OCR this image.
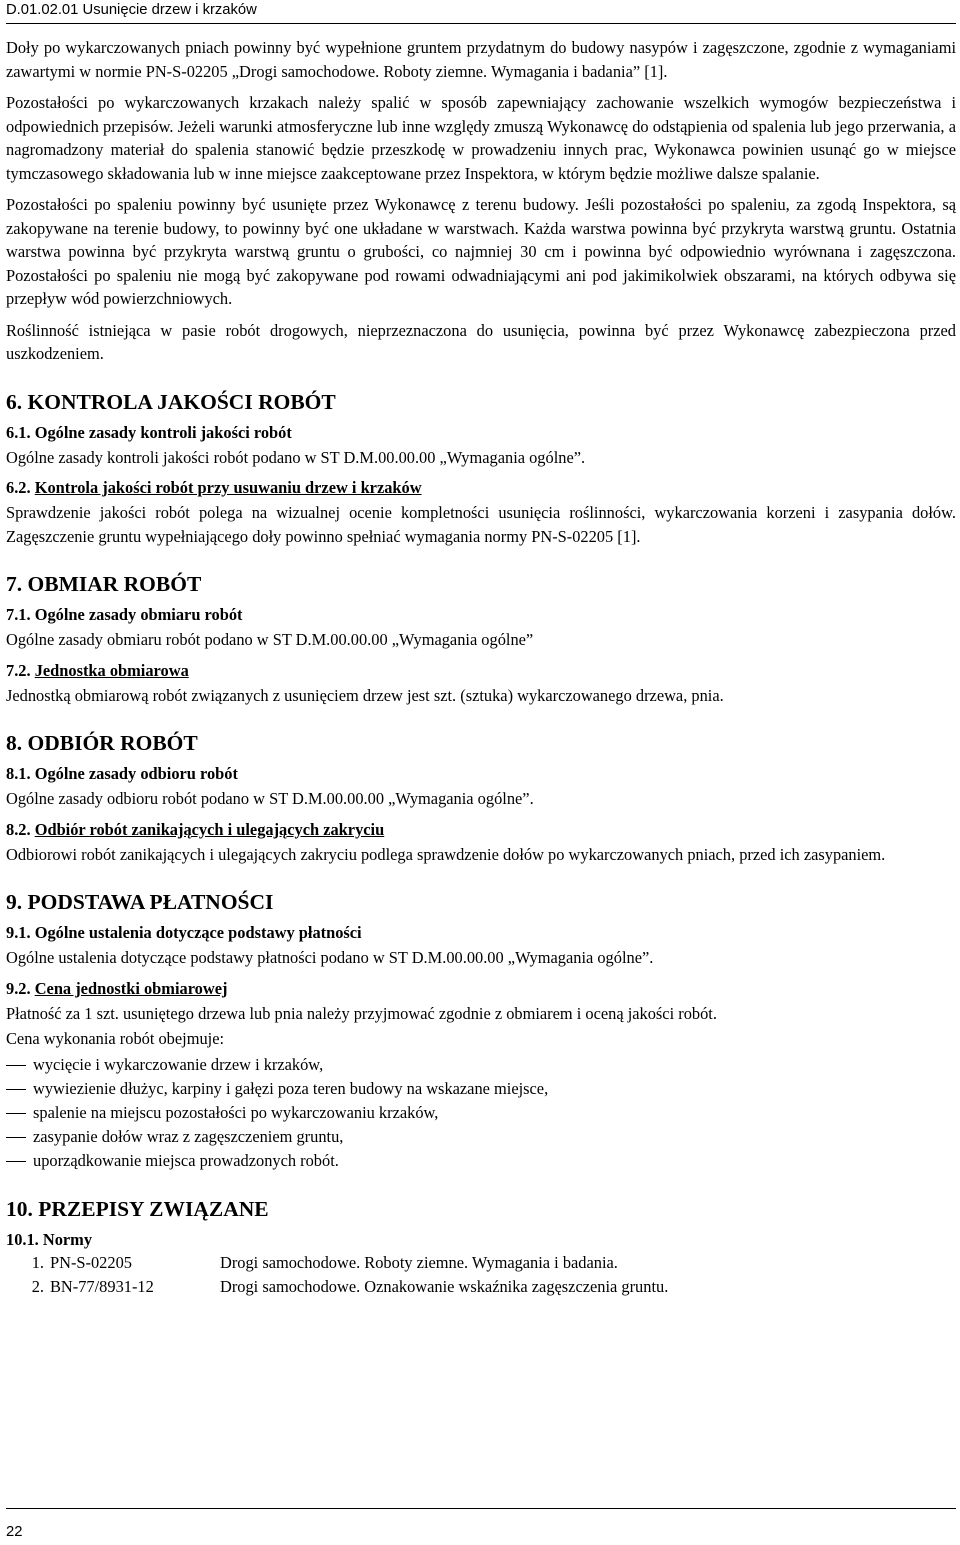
D.01.02.01 Usunięcie drzew i krzaków

Doły po wykarczowanych pniach powinny być wypełnione gruntem przydatnym do budowy nasypów i zagęszczone, zgodnie z wymaganiami zawartymi w normie PN-S-02205 „Drogi samochodowe. Roboty ziemne. Wymagania i badania” [1].

Pozostałości po wykarczowanych krzakach należy spalić w sposób zapewniający zachowanie wszelkich wymogów bezpieczeństwa i odpowiednich przepisów. Jeżeli warunki atmosferyczne lub inne względy zmuszą Wykonawcę do odstąpienia od spalenia lub jego przerwania, a nagromadzony materiał do spalenia stanowić będzie przeszkodę w prowadzeniu innych prac, Wykonawca powinien usunąć go w miejsce tymczasowego składowania lub w inne miejsce zaakceptowane przez Inspektora, w którym będzie możliwe dalsze spalanie.

Pozostałości po spaleniu powinny być usunięte przez Wykonawcę z terenu budowy. Jeśli pozostałości po spaleniu, za zgodą Inspektora, są zakopywane na terenie budowy, to powinny być one układane w warstwach. Każda warstwa powinna być przykryta warstwą gruntu. Ostatnia warstwa powinna być przykryta warstwą gruntu o grubości, co najmniej 30 cm i powinna być odpowiednio wyrównana i zagęszczona. Pozostałości po spaleniu nie mogą być zakopywane pod rowami odwadniającymi ani pod jakimikolwiek obszarami, na których odbywa się przepływ wód powierzchniowych.

Roślinność istniejąca w pasie robót drogowych, nieprzeznaczona do usunięcia, powinna być przez Wykonawcę zabezpieczona przed uszkodzeniem.

6. KONTROLA JAKOŚCI ROBÓT
6.1. Ogólne zasady kontroli jakości robót

Ogólne zasady kontroli jakości robót podano w ST D.M.00.00.00 „Wymagania ogólne”.

6.2. Kontrola jakości robót przy usuwaniu drzew i krzaków

Sprawdzenie jakości robót polega na wizualnej ocenie kompletności usunięcia roślinności, wykarczowania korzeni i zasypania dołów. Zagęszczenie gruntu wypełniającego doły powinno spełniać wymagania normy PN-S-02205 [1].

7. OBMIAR ROBÓT
7.1. Ogólne zasady obmiaru robót

Ogólne zasady obmiaru robót podano w ST D.M.00.00.00 „Wymagania ogólne”

7.2. Jednostka obmiarowa

Jednostką obmiarową robót związanych z usunięciem drzew jest szt. (sztuka) wykarczowanego drzewa, pnia.

8. ODBIÓR ROBÓT
8.1. Ogólne zasady odbioru robót

Ogólne zasady odbioru robót podano w ST D.M.00.00.00 „Wymagania ogólne”.

8.2. Odbiór robót zanikających i ulegających zakryciu

Odbiorowi robót zanikających i ulegających zakryciu podlega sprawdzenie dołów po wykarczowanych pniach, przed ich zasypaniem.

9. PODSTAWA PŁATNOŚCI
9.1. Ogólne ustalenia dotyczące podstawy płatności

Ogólne ustalenia dotyczące podstawy płatności podano w ST D.M.00.00.00 „Wymagania ogólne”.

9.2. Cena jednostki obmiarowej

Płatność za 1 szt. usuniętego drzewa lub pnia należy przyjmować zgodnie z obmiarem i oceną jakości robót.

Cena wykonania robót obejmuje:

wycięcie i wykarczowanie drzew i krzaków,
wywiezienie dłużyc, karpiny i gałęzi poza teren budowy na wskazane miejsce,
spalenie na miejscu pozostałości po wykarczowaniu krzaków,
zasypanie dołów wraz z zagęszczeniem gruntu,
uporządkowanie miejsca prowadzonych robót.
10. PRZEPISY ZWIĄZANE
10.1. Normy
1. PN-S-02205	Drogi samochodowe. Roboty ziemne. Wymagania i badania.
2. BN-77/8931-12	Drogi samochodowe. Oznakowanie wskaźnika zagęszczenia gruntu.
22
